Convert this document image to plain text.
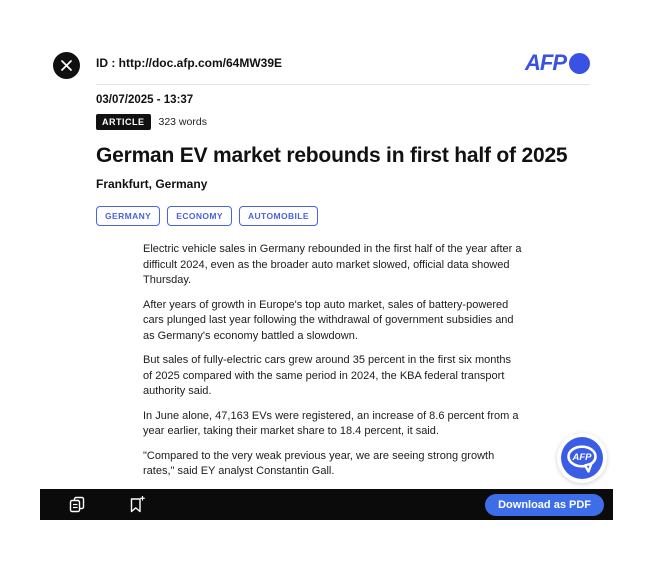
ID : http://doc.afp.com/64MW39E	AFP
03/07/2025 - 13:37
ARTICLE	323 words
German EV market rebounds in first half of 2025
Frankfurt, Germany
GERMANY	ECONOMY	AUTOMOBILE

Electric vehicle sales in Germany rebounded in the first half of the year after a difficult 2024, even as the broader auto market slowed, official data showed Thursday.

After years of growth in Europe's top auto market, sales of battery-powered cars plunged last year following the withdrawal of government subsidies and as Germany's economy battled a slowdown.

But sales of fully-electric cars grew around 35 percent in the first six months of 2025 compared with the same period in 2024, the KBA federal transport authority said.

In June alone, 47,163 EVs were registered, an increase of 8.6 percent from a year earlier, taking their market share to 18.4 percent, it said.

"Compared to the very weak previous year, we are seeing strong growth rates," said EY analyst Constantin Gall.

AFP
Download as PDF
